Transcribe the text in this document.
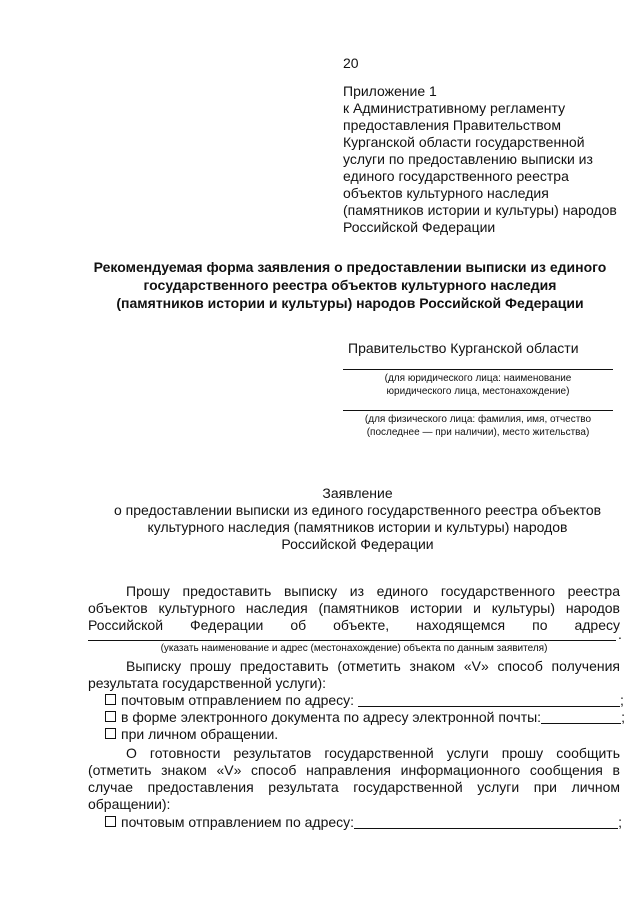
20
Приложение 1
к Административному регламенту
предоставления Правительством
Курганской области государственной
услуги по предоставлению выписки из
единого государственного реестра
объектов культурного наследия
(памятников истории и культуры) народов
Российской Федерации
Рекомендуемая форма заявления о предоставлении выписки из единого
государственного реестра объектов культурного наследия
(памятников истории и культуры) народов Российской Федерации
Правительство Курганской области
(для юридического лица: наименование
юридического лица, местонахождение)
(для физического лица: фамилия, имя, отчество
(последнее — при наличии), место жительства)
Заявление
о предоставлении выписки из единого государственного реестра объектов
культурного наследия (памятников истории и культуры) народов
Российской Федерации
Прошу предоставить выписку из единого государственного реестра
объектов культурного наследия (памятников истории и культуры) народов
Российской Федерации об объекте, находящемся по адресу
.
(указать наименование и адрес (местонахождение) объекта по данным заявителя)
Выписку прошу предоставить (отметить знаком «V» способ получения
результата государственной услуги):
почтовым отправлением по адресу:	;
в форме электронного документа по адресу электронной почты:	;
при личном обращении.
О готовности результатов государственной услуги прошу сообщить
(отметить знаком «V» способ направления информационного сообщения в
случае предоставления результата государственной услуги при личном
обращении):
почтовым отправлением по адресу:	;
